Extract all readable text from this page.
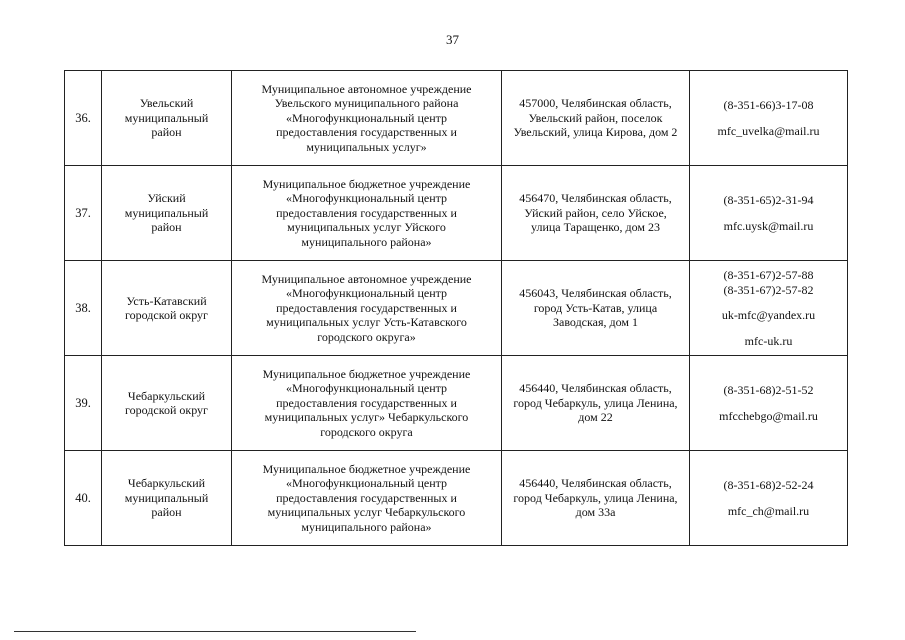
37
36.	Увельский
муниципальный
район	Муниципальное автономное учреждение
Увельского муниципального района
«Многофункциональный центр
предоставления государственных и
муниципальных услуг»	457000, Челябинская область,
Увельский район, поселок
Увельский, улица Кирова, дом 2	(8-351-66)3-17-08
mfc_uvelka@mail.ru

37.	Уйский
муниципальный
район	Муниципальное бюджетное учреждение
«Многофункциональный центр
предоставления государственных и
муниципальных услуг Уйского
муниципального района»	456470, Челябинская область,
Уйский район, село Уйское,
улица Таращенко, дом 23	(8-351-65)2-31-94
mfc.uysk@mail.ru

38.	Усть-Катавский
городской округ	Муниципальное автономное учреждение
«Многофункциональный центр
предоставления государственных и
муниципальных услуг Усть-Катавского
городского округа»	456043, Челябинская область,
город Усть-Катав, улица
Заводская, дом 1	(8-351-67)2-57-88
(8-351-67)2-57-82
uk-mfc@yandex.ru
mfc-uk.ru

39.	Чебаркульский
городской округ	Муниципальное бюджетное учреждение
«Многофункциональный центр
предоставления государственных и
муниципальных услуг» Чебаркульского
городского округа	456440, Челябинская область,
город Чебаркуль, улица Ленина,
дом 22	(8-351-68)2-51-52
mfcchebgo@mail.ru

40.	Чебаркульский
муниципальный
район	Муниципальное бюджетное учреждение
«Многофункциональный центр
предоставления государственных и
муниципальных услуг Чебаркульского
муниципального района»	456440, Челябинская область,
город Чебаркуль, улица Ленина,
дом 33а	(8-351-68)2-52-24
mfc_ch@mail.ru
